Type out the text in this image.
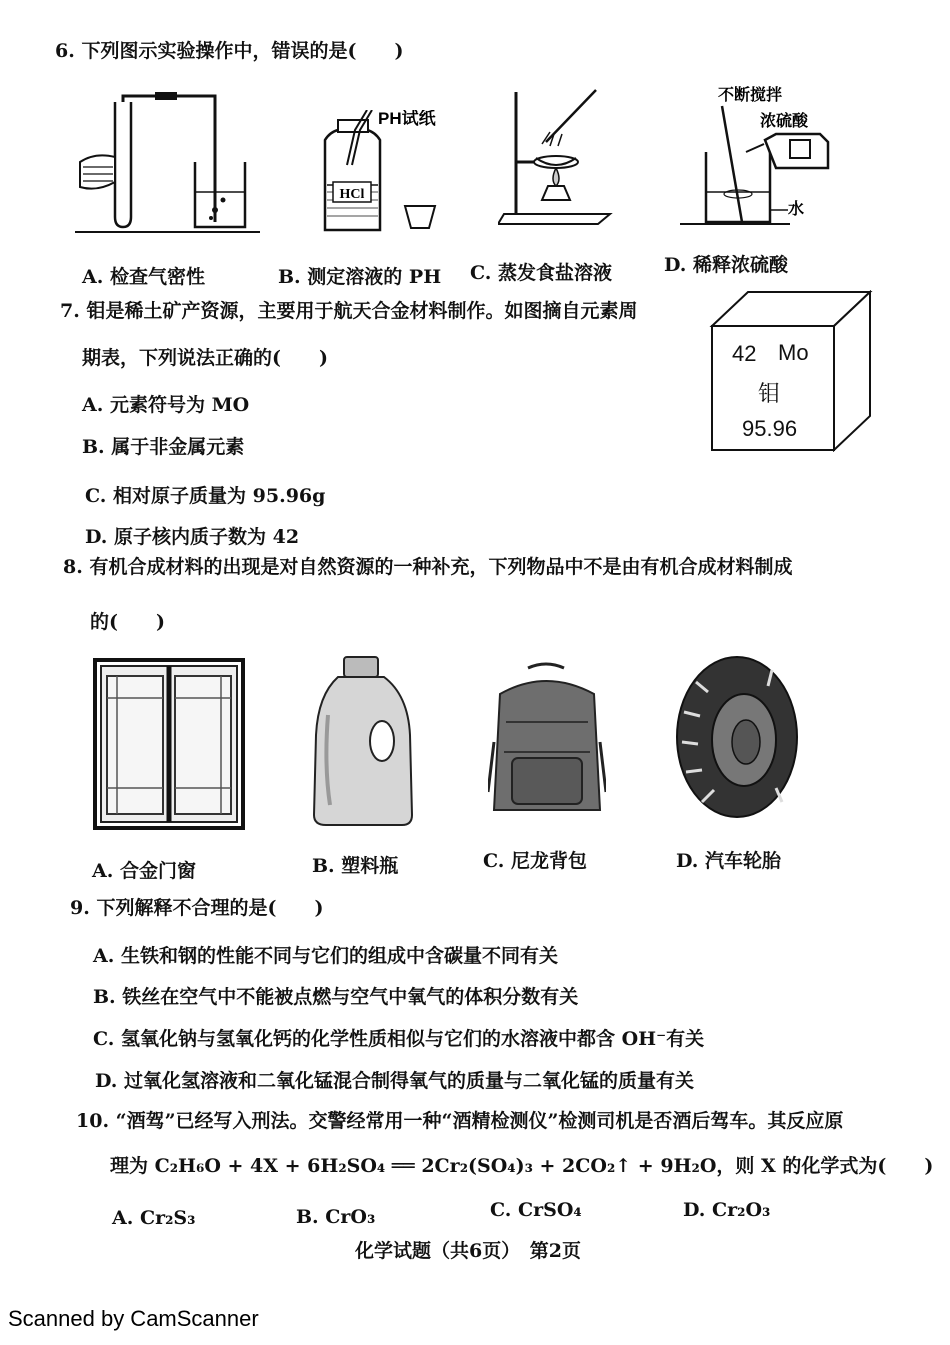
6. 下列图示实验操作中，错误的是(　　)
HCl
PH试纸
不断搅拌
浓硫酸
水
A. 检查气密性	B. 测定溶液的 PH C. 蒸发食盐溶液	D. 稀释浓硫酸
7. 钼是稀土矿产资源，主要用于航天合金材料制作。如图摘自元素周
期表，下列说法正确的(　　)
A. 元素符号为 MO
B. 属于非金属元素
C. 相对原子质量为 95.96g
D. 原子核内质子数为 42
42 Mo
钼
95.96
8. 有机合成材料的出现是对自然资源的一种补充，下列物品中不是由有机合成材料制成
的(　　)
A. 合金门窗	B. 塑料瓶	C. 尼龙背包	D. 汽车轮胎
9. 下列解释不合理的是(　　)
A. 生铁和钢的性能不同与它们的组成中含碳量不同有关
B. 铁丝在空气中不能被点燃与空气中氧气的体积分数有关
C. 氢氧化钠与氢氧化钙的化学性质相似与它们的水溶液中都含 OH⁻有关
D. 过氧化氢溶液和二氧化锰混合制得氧气的质量与二氧化锰的质量有关
10. “酒驾”已经写入刑法。交警经常用一种“酒精检测仪”检测司机是否酒后驾车。其反应原
理为 C₂H₆O + 4X + 6H₂SO₄ ══ 2Cr₂(SO₄)₃ + 2CO₂↑ + 9H₂O，则 X 的化学式为(　　)
A. Cr₂S₃	B. CrO₃	C. CrSO₄	D. Cr₂O₃
化学试题（共6页）　第2页
Scanned by CamScanner
